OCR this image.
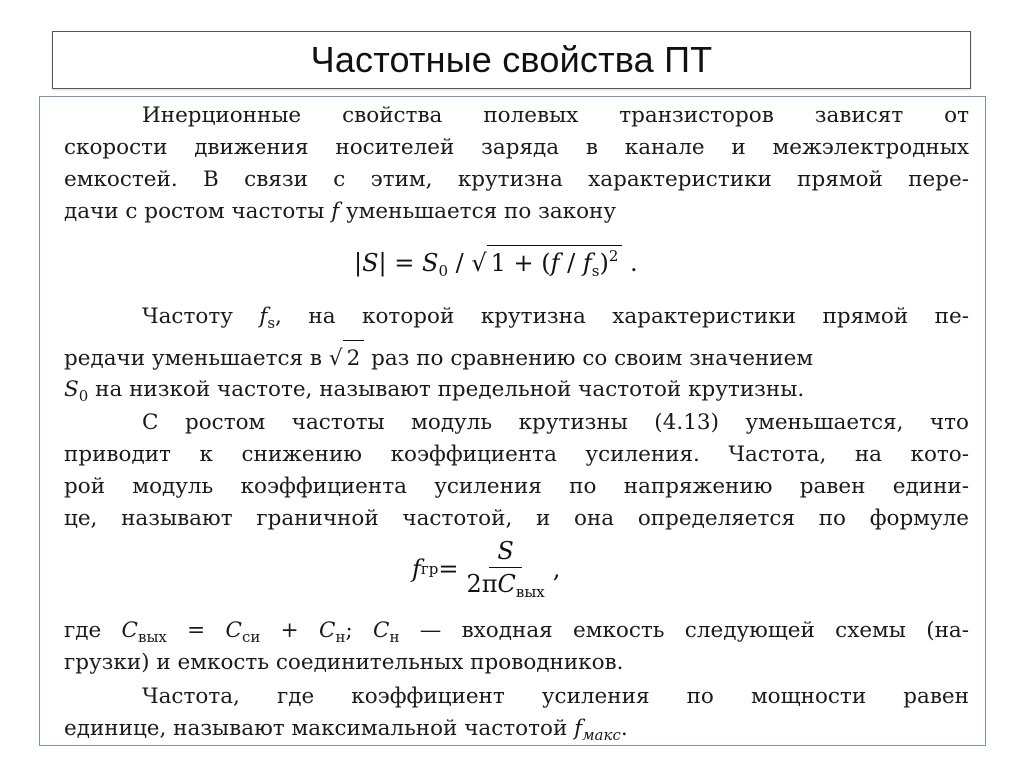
Частотные свойства ПТ
Инерционные свойства полевых транзисторов зависят от
скорости движения носителей заряда в канале и межэлектродных
емкостей. В связи с этим, крутизна характеристики прямой пере-
дачи с ростом частоты f уменьшается по закону
$|S| = S_0$ / √ $1 + (f / f_s)^2$ .
Частоту $f_s$, на которой крутизна характеристики прямой пе-
редачи уменьшается в √ 2 раз по сравнению со своим значением
$S_0$ на низкой частоте, называют предельной частотой крутизны.
С ростом частоты модуль крутизны (4.13) уменьшается, что
приводит к снижению коэффициента усиления. Частота, на кото-
рой модуль коэффициента усиления по напряжению равен едини-
це, называют граничной частотой, и она определяется по формуле
f гр = $\frac{S}{2\pi C_{вых}}$ ,
где $C_{вых} = C_{си} + C_н$; $C_н$ — входная емкость следующей схемы (на-
грузки) и емкость соединительных проводников.
Частота, где коэффициент усиления по мощности равен
единице, называют максимальной частотой $f_{макс}$.
